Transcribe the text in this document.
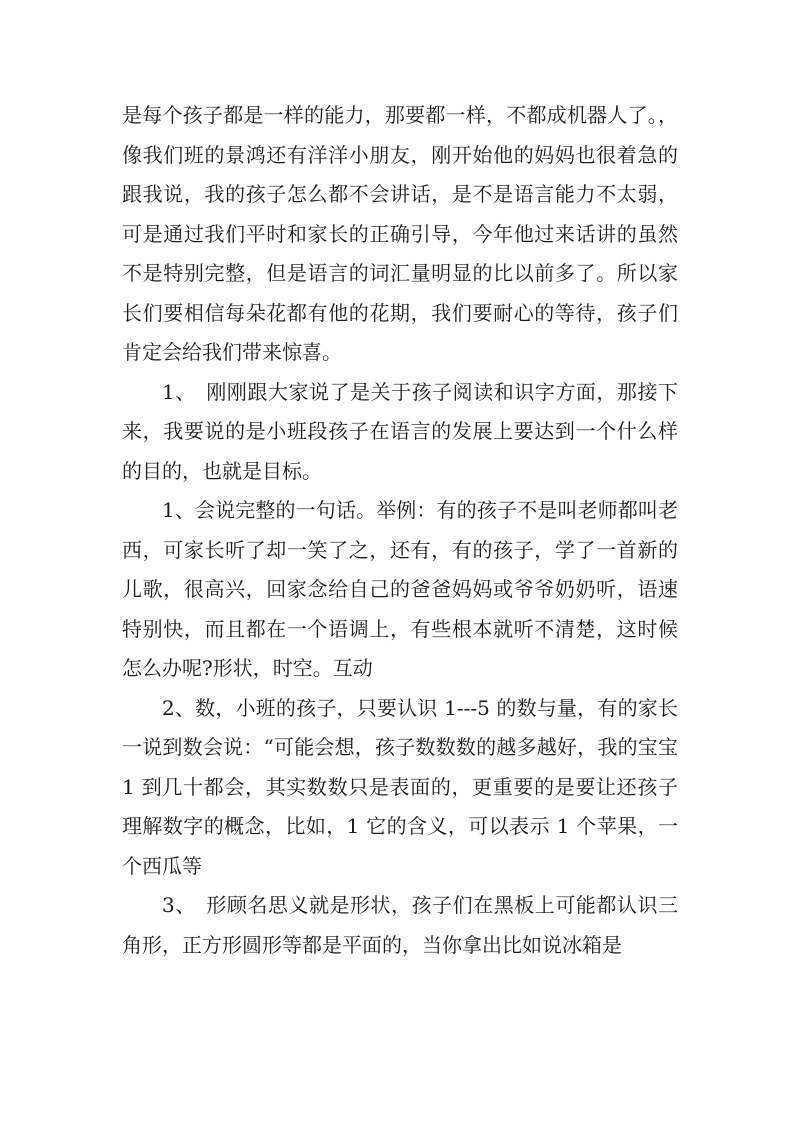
是每个孩子都是一样的能力，那要都一样，不都成机器人了。，像我们班的景鸿还有洋洋小朋友，刚开始他的妈妈也很着急的跟我说，我的孩子怎么都不会讲话，是不是语言能力不太弱，可是通过我们平时和家长的正确引导，今年他过来话讲的虽然不是特别完整，但是语言的词汇量明显的比以前多了。所以家长们要相信每朵花都有他的花期，我们要耐心的等待，孩子们肯定会给我们带来惊喜。

1、　刚刚跟大家说了是关于孩子阅读和识字方面，那接下来，我要说的是小班段孩子在语言的发展上要达到一个什么样的目的，也就是目标。

1、会说完整的一句话。举例：有的孩子不是叫老师都叫老西，可家长听了却一笑了之，还有，有的孩子，学了一首新的儿歌，很高兴，回家念给自己的爸爸妈妈或爷爷奶奶听，语速特别快，而且都在一个语调上，有些根本就听不清楚，这时候怎么办呢?形状，时空。互动

2、数，小班的孩子，只要认识 1---5 的数与量，有的家长一说到数会说：“可能会想，孩子数数数的越多越好，我的宝宝 1 到几十都会，其实数数只是表面的，更重要的是要让还孩子理解数字的概念，比如，1 它的含义，可以表示 1 个苹果，一个西瓜等

3、　形顾名思义就是形状，孩子们在黑板上可能都认识三角形，正方形圆形等都是平面的，当你拿出比如说冰箱是
